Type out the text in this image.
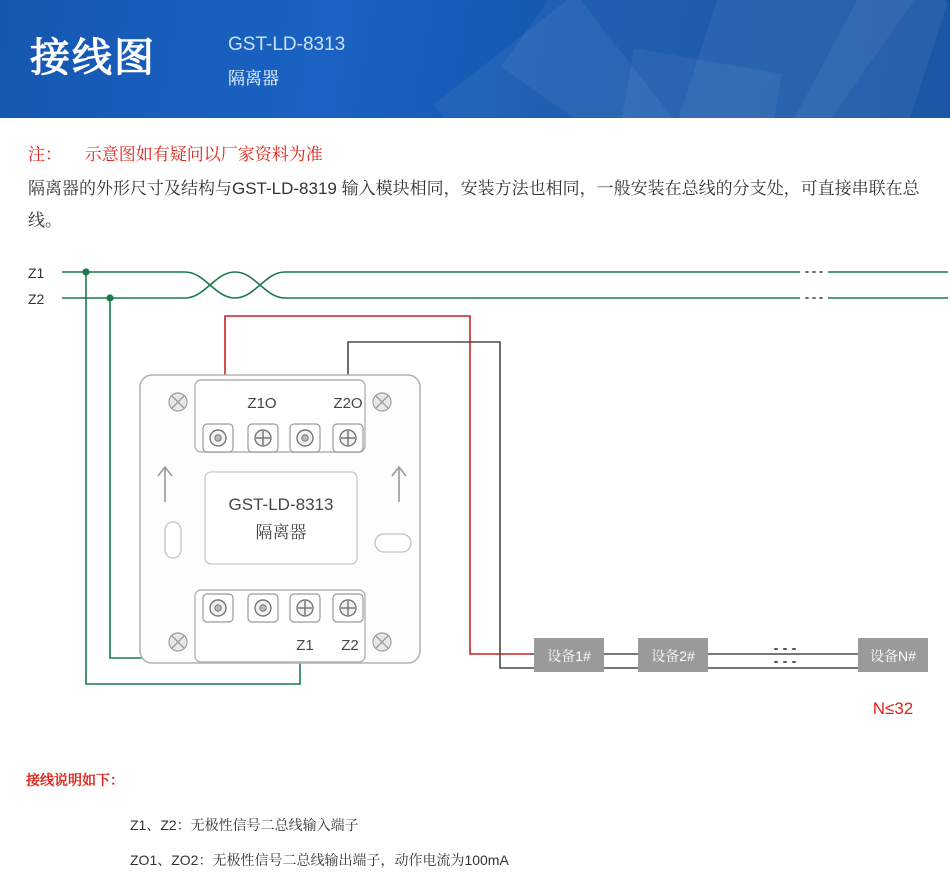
接线图	GST-LD-8313
隔离器
注： 示意图如有疑问以厂家资料为准
隔离器的外形尺寸及结构与GST-LD-8319 输入模块相同，安装方法也相同，一般安装在总线的分支处，可直接串联在总线。
Z1
Z2
Z1O	Z2O
GST-LD-8313
隔离器
Z1 Z2
设备1#	设备2#	设备N#
N≤32
接线说明如下：
Z1、Z2：无极性信号二总线输入端子
ZO1、ZO2：无极性信号二总线输出端子，动作电流为100mA
